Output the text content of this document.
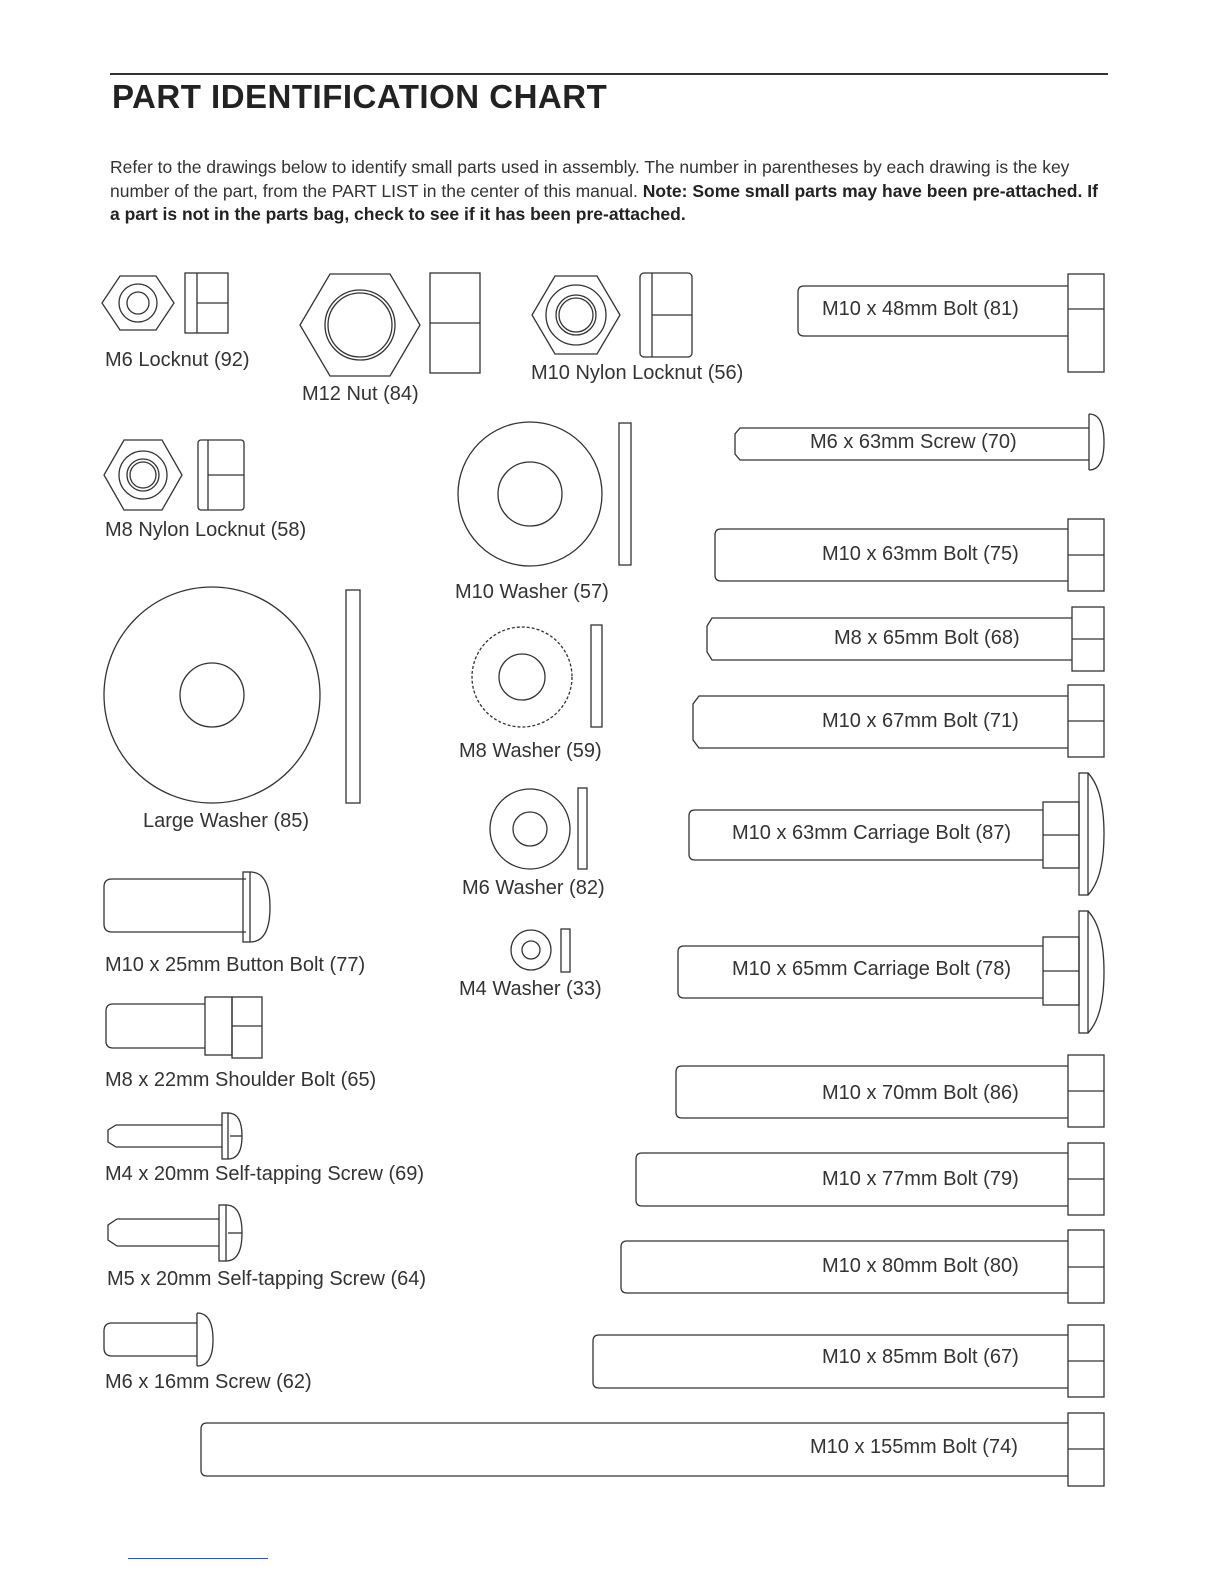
PART IDENTIFICATION CHART
Refer to the drawings below to identify small parts used in assembly. The number in parentheses by each drawing is the key number of the part, from the PART LIST in the center of this manual. Note: Some small parts may have been pre-attached. If a part is not in the parts bag, check to see if it has been pre-attached.
M6 Locknut (92)
M12 Nut (84)
M10 Nylon Locknut (56)
M8 Nylon Locknut (58)
M10 Washer (57)
Large Washer (85)
M8 Washer (59)
M6 Washer (82)
M4 Washer (33)
M10 x 25mm Button Bolt (77)
M8 x 22mm Shoulder Bolt (65)
M4 x 20mm Self-tapping Screw (69)
M5 x 20mm Self-tapping Screw (64)
M6 x 16mm Screw (62)
M10 x 48mm Bolt (81)
M6 x 63mm Screw (70)
M10 x 63mm Bolt (75)
M8 x 65mm Bolt (68)
M10 x 67mm Bolt (71)
M10 x 63mm Carriage Bolt (87)
M10 x 65mm Carriage Bolt (78)
M10 x 70mm Bolt (86)
M10 x 77mm Bolt (79)
M10 x 80mm Bolt (80)
M10 x 85mm Bolt (67)
M10 x 155mm Bolt (74)
